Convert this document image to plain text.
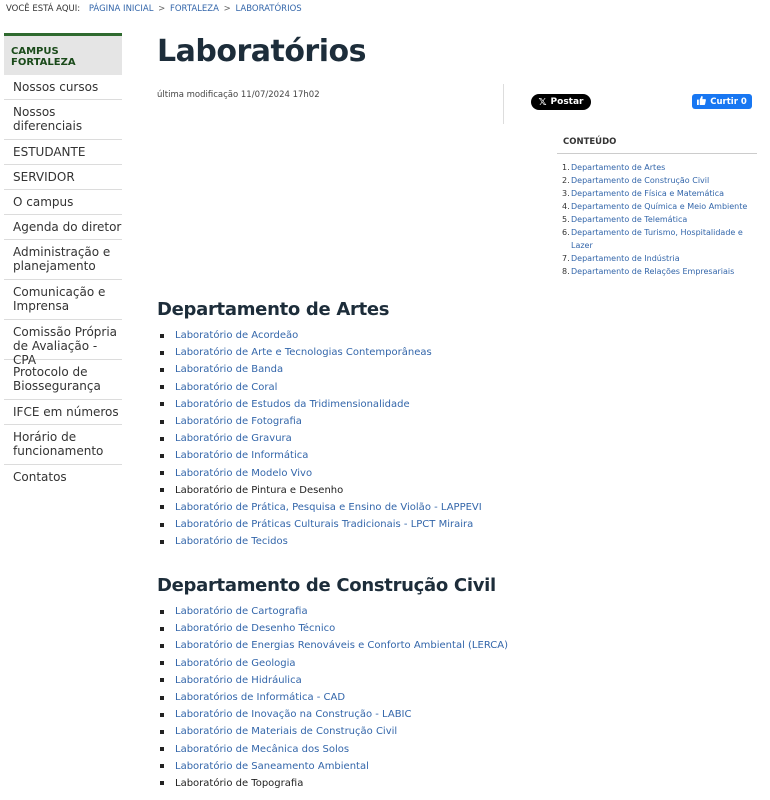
VOCÊ ESTÁ AQUI: PÁGINA INICIAL > FORTALEZA > LABORATÓRIOS
CAMPUS FORTALEZA
Nossos cursos
Nossos diferenciais
ESTUDANTE
SERVIDOR
O campus
Agenda do diretor
Administração e planejamento
Comunicação e Imprensa
Comissão Própria de Avaliação - CPA
Protocolo de Biossegurança
IFCE em números
Horário de funcionamento
Contatos
Laboratórios
última modificação 11/07/2024 17h02
𝕏 Postar	Curtir 0
CONTEÚDO
1. Departamento de Artes
2. Departamento de Construção Civil
3. Departamento de Física e Matemática
4. Departamento de Química e Meio Ambiente
5. Departamento de Telemática
6. Departamento de Turismo, Hospitalidade e Lazer
7. Departamento de Indústria
8. Departamento de Relações Empresariais
Departamento de Artes
Laboratório de Acordeão
Laboratório de Arte e Tecnologias Contemporâneas
Laboratório de Banda
Laboratório de Coral
Laboratório de Estudos da Tridimensionalidade
Laboratório de Fotografia
Laboratório de Gravura
Laboratório de Informática
Laboratório de Modelo Vivo
Laboratório de Pintura e Desenho
Laboratório de Prática, Pesquisa e Ensino de Violão - LAPPEVI
Laboratório de Práticas Culturais Tradicionais - LPCT Miraira
Laboratório de Tecidos
Departamento de Construção Civil
Laboratório de Cartografia
Laboratório de Desenho Técnico
Laboratório de Energias Renováveis e Conforto Ambiental (LERCA)
Laboratório de Geologia
Laboratório de Hidráulica
Laboratórios de Informática - CAD
Laboratório de Inovação na Construção - LABIC
Laboratório de Materiais de Construção Civil
Laboratório de Mecânica dos Solos
Laboratório de Saneamento Ambiental
Laboratório de Topografia
